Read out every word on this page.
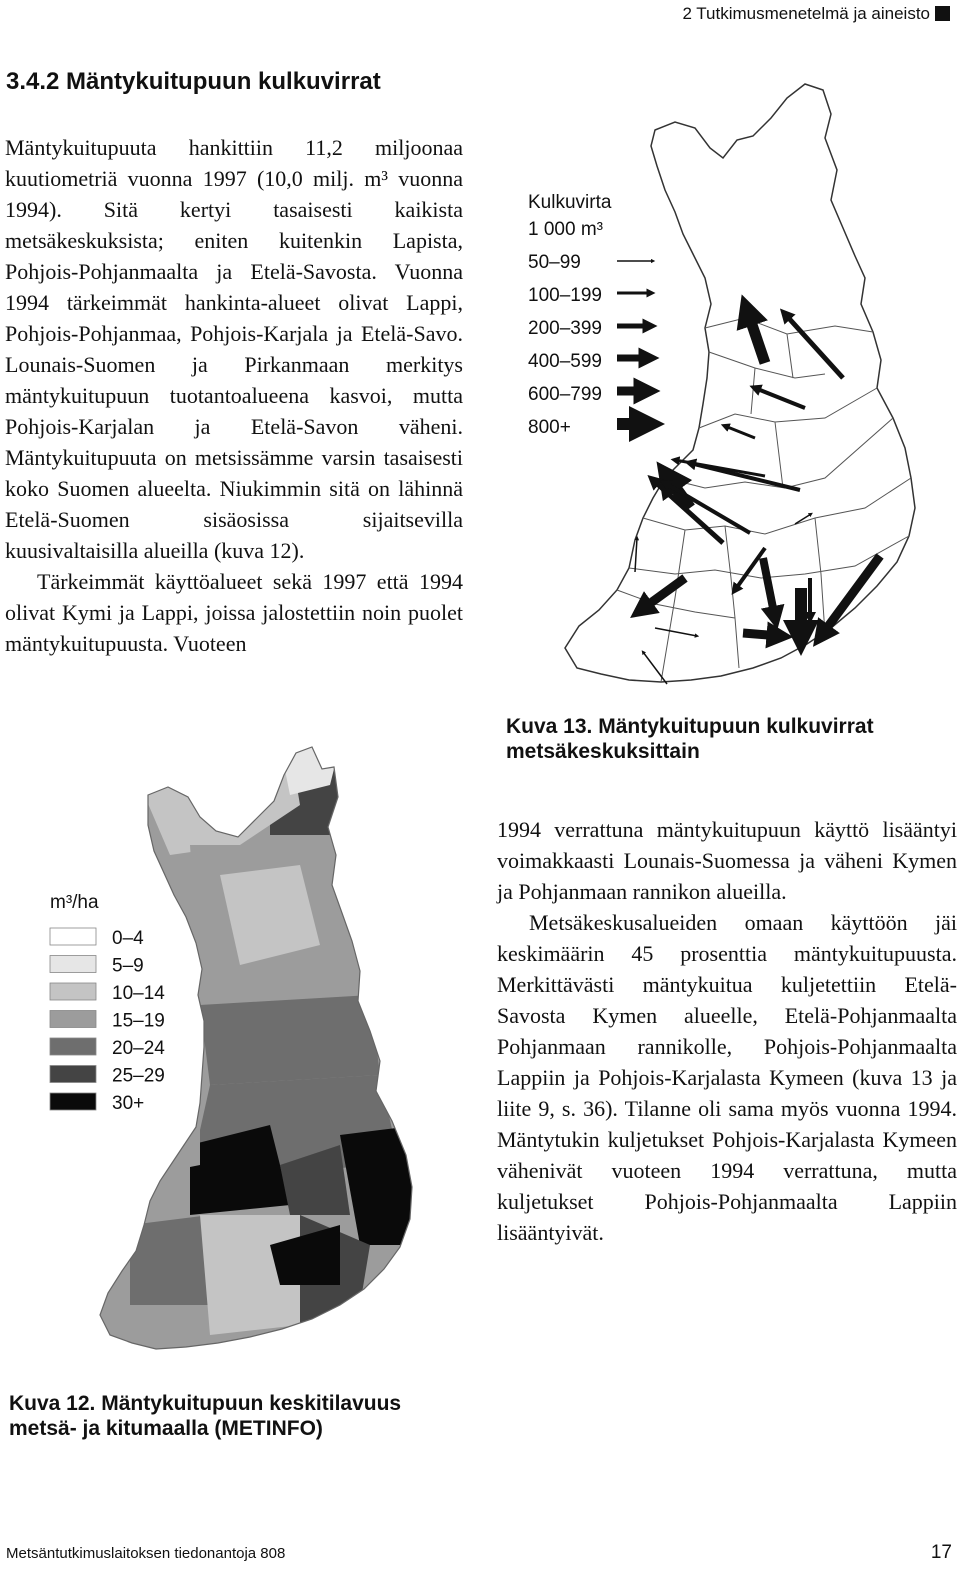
2 Tutkimusmenetelmä ja aineisto
3.4.2 Mäntykuitupuun kulkuvirrat

Mäntykuitupuuta hankittiin 11,2 miljoonaa kuutiometriä vuonna 1997 (10,0 milj. m³ vuonna 1994). Sitä kertyi tasaisesti kaikista metsäkeskuksista; eniten kuitenkin Lapista, Pohjois-Pohjanmaalta ja Etelä-Savosta. Vuonna 1994 tärkeimmät hankinta-alueet olivat Lappi, Pohjois-Pohjanmaa, Pohjois-Karjala ja Etelä-Savo. Lounais-Suomen ja Pirkanmaan merkitys mäntykuitupuun tuotantoalueena kasvoi, mutta Pohjois-Karjalan ja Etelä-Savon väheni. Mäntykuitupuuta on metsissämme varsin tasaisesti koko Suomen alueelta. Niukimmin sitä on lähinnä Etelä-Suomen sisäosissa sijaitsevilla kuusivaltaisilla alueilla (kuva 12).

Tärkeimmät käyttöalueet sekä 1997 että 1994 olivat Kymi ja Lappi, joissa jalostettiin noin puolet mäntykuitupuusta. Vuoteen

Kulkuvirta
1 000 m³
50–99
100–199
200–399
400–599
600–799
800+
Kuva 13. Mäntykuitupuun kulkuvirrat metsäkeskuksittain
m³/ha
0–4
5–9
10–14
15–19
20–24
25–29
30+
Kuva 12. Mäntykuitupuun keskitilavuus metsä- ja kitumaalla (METINFO)

1994 verrattuna mäntykuitupuun käyttö lisääntyi voimakkaasti Lounais-Suomessa ja väheni Kymen ja Pohjanmaan rannikon alueilla.

Metsäkeskusalueiden omaan käyttöön jäi keskimäärin 45 prosenttia mäntykuitupuusta. Merkittävästi mäntykuitua kuljetettiin Etelä-Savosta Kymen alueelle, Etelä-Pohjanmaalta Pohjanmaan rannikolle, Pohjois-Pohjanmaalta Lappiin ja Pohjois-Karjalasta Kymeen (kuva 13 ja liite 9, s. 36). Tilanne oli sama myös vuonna 1994. Mäntytukin kuljetukset Pohjois-Karjalasta Kymeen vähenivät vuoteen 1994 verrattuna, mutta kuljetukset Pohjois-Pohjanmaalta Lappiin lisääntyivät.

Metsäntutkimuslaitoksen tiedonantoja 808	17
